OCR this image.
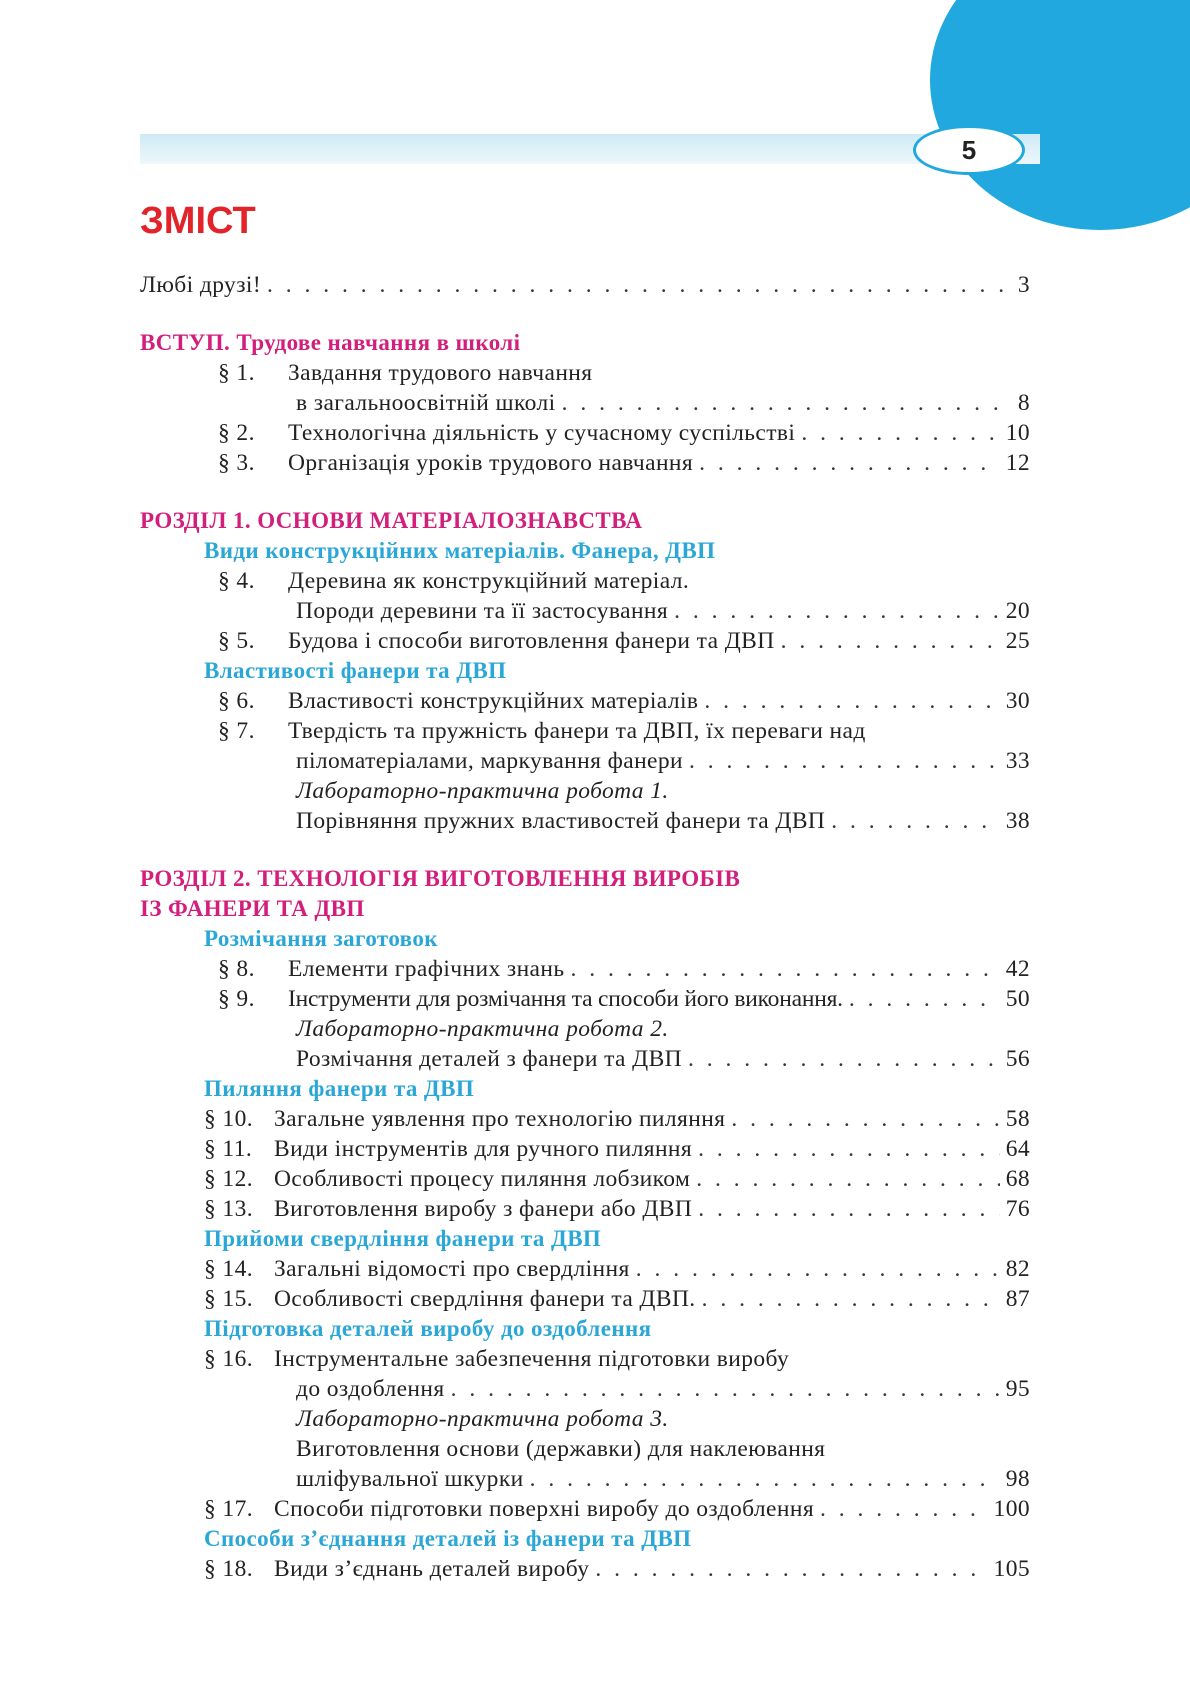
5
ЗМІСТ
Любі друзі! . . .	3
ВСТУП. Трудове навчання в школі
§ 1.	Завдання трудового навчання
в загальноосвітній школі . . .	8
§ 2.	Технологічна діяльність у сучасному суспільстві . . .	10
§ 3.	Організація уроків трудового навчання . . .	12
РОЗДІЛ 1. ОСНОВИ МАТЕРІАЛОЗНАВСТВА
Види конструкційних матеріалів. Фанера, ДВП
§ 4.	Деревина як конструкційний матеріал.
Породи деревини та її застосування . . .	20
§ 5.	Будова і способи виготовлення фанери та ДВП . . .	25
Властивості фанери та ДВП
§ 6.	Властивості конструкційних матеріалів . . .	30
§ 7.	Твердість та пружність фанери та ДВП, їх переваги над
піломатеріалами, маркування фанери . . .	33
Лабораторно-практична робота 1.
Порівняння пружних властивостей фанери та ДВП . . .	38
РОЗДІЛ 2. ТЕХНОЛОГІЯ ВИГОТОВЛЕННЯ ВИРОБІВ
ІЗ ФАНЕРИ ТА ДВП
Розмічання заготовок
§ 8.	Елементи графічних знань . . .	42
§ 9.	Інструменти для розмічання та способи його виконання. . . .	50
Лабораторно-практична робота 2.
Розмічання деталей з фанери та ДВП . . .	56
Пиляння фанери та ДВП
§ 10. Загальне уявлення про технологію пиляння . . .	58
§ 11. Види інструментів для ручного пиляння . . .	64
§ 12. Особливості процесу пиляння лобзиком . . .	68
§ 13. Виготовлення виробу з фанери або ДВП . . .	76
Прийоми свердління фанери та ДВП
§ 14. Загальні відомості про свердління . . .	82
§ 15. Особливості свердління фанери та ДВП. . . .	87
Підготовка деталей виробу до оздоблення
§ 16. Інструментальне забезпечення підготовки виробу
до оздоблення . . .	95
Лабораторно-практична робота 3.
Виготовлення основи (державки) для наклеювання
шліфувальної шкурки . . .	98
§ 17. Способи підготовки поверхні виробу до оздоблення . . .	100
Способи з’єднання деталей із фанери та ДВП
§ 18. Види з’єднань деталей виробу . . .	105
